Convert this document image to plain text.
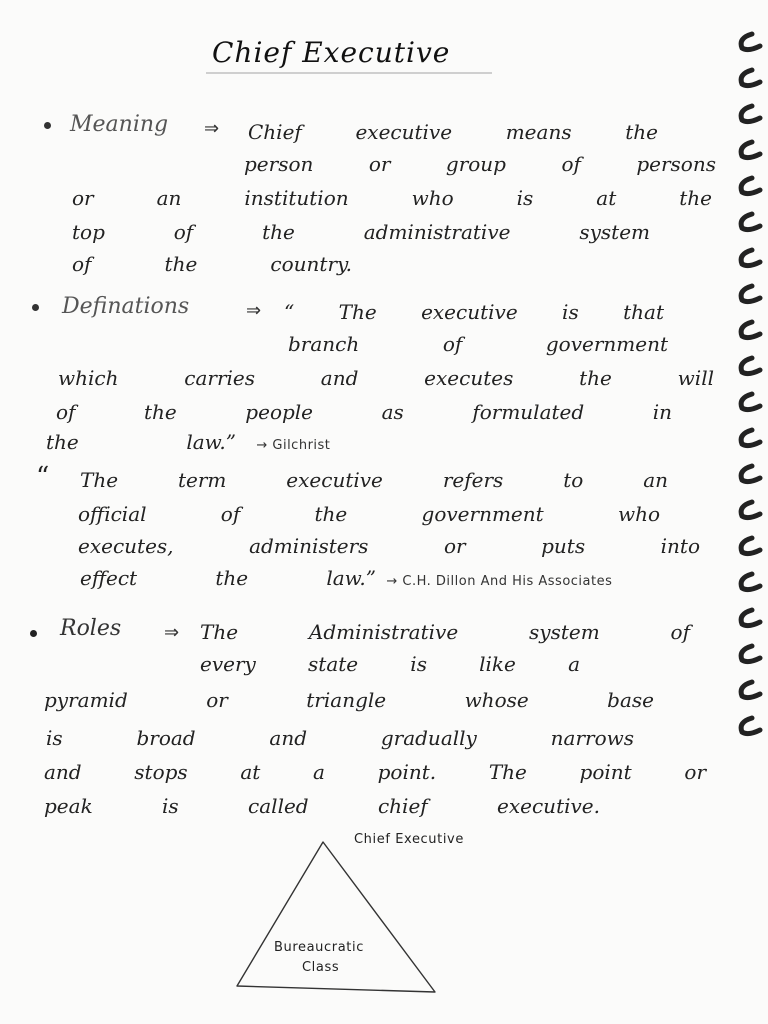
Chief Executive
Meaning ⇒ Chief executive means the
person or group of persons
or an institution who is at the
top of the administrative system
of the country.
Definations	⇒ “ The executive is that
branch of government
which carries and executes the will
of the people as formulated in
the law.” → Gilchrist
“ The term executive refers to an
official of the government who
executes, administers or puts into
effect the law.” → C.H. Dillon And His Associates
Roles ⇒ The Administrative system of
every state is like a
pyramid or triangle whose base
is broad and gradually narrows
and stops at a point. The point or
peak is called chief executive.
Chief Executive
Bureaucratic
Class
